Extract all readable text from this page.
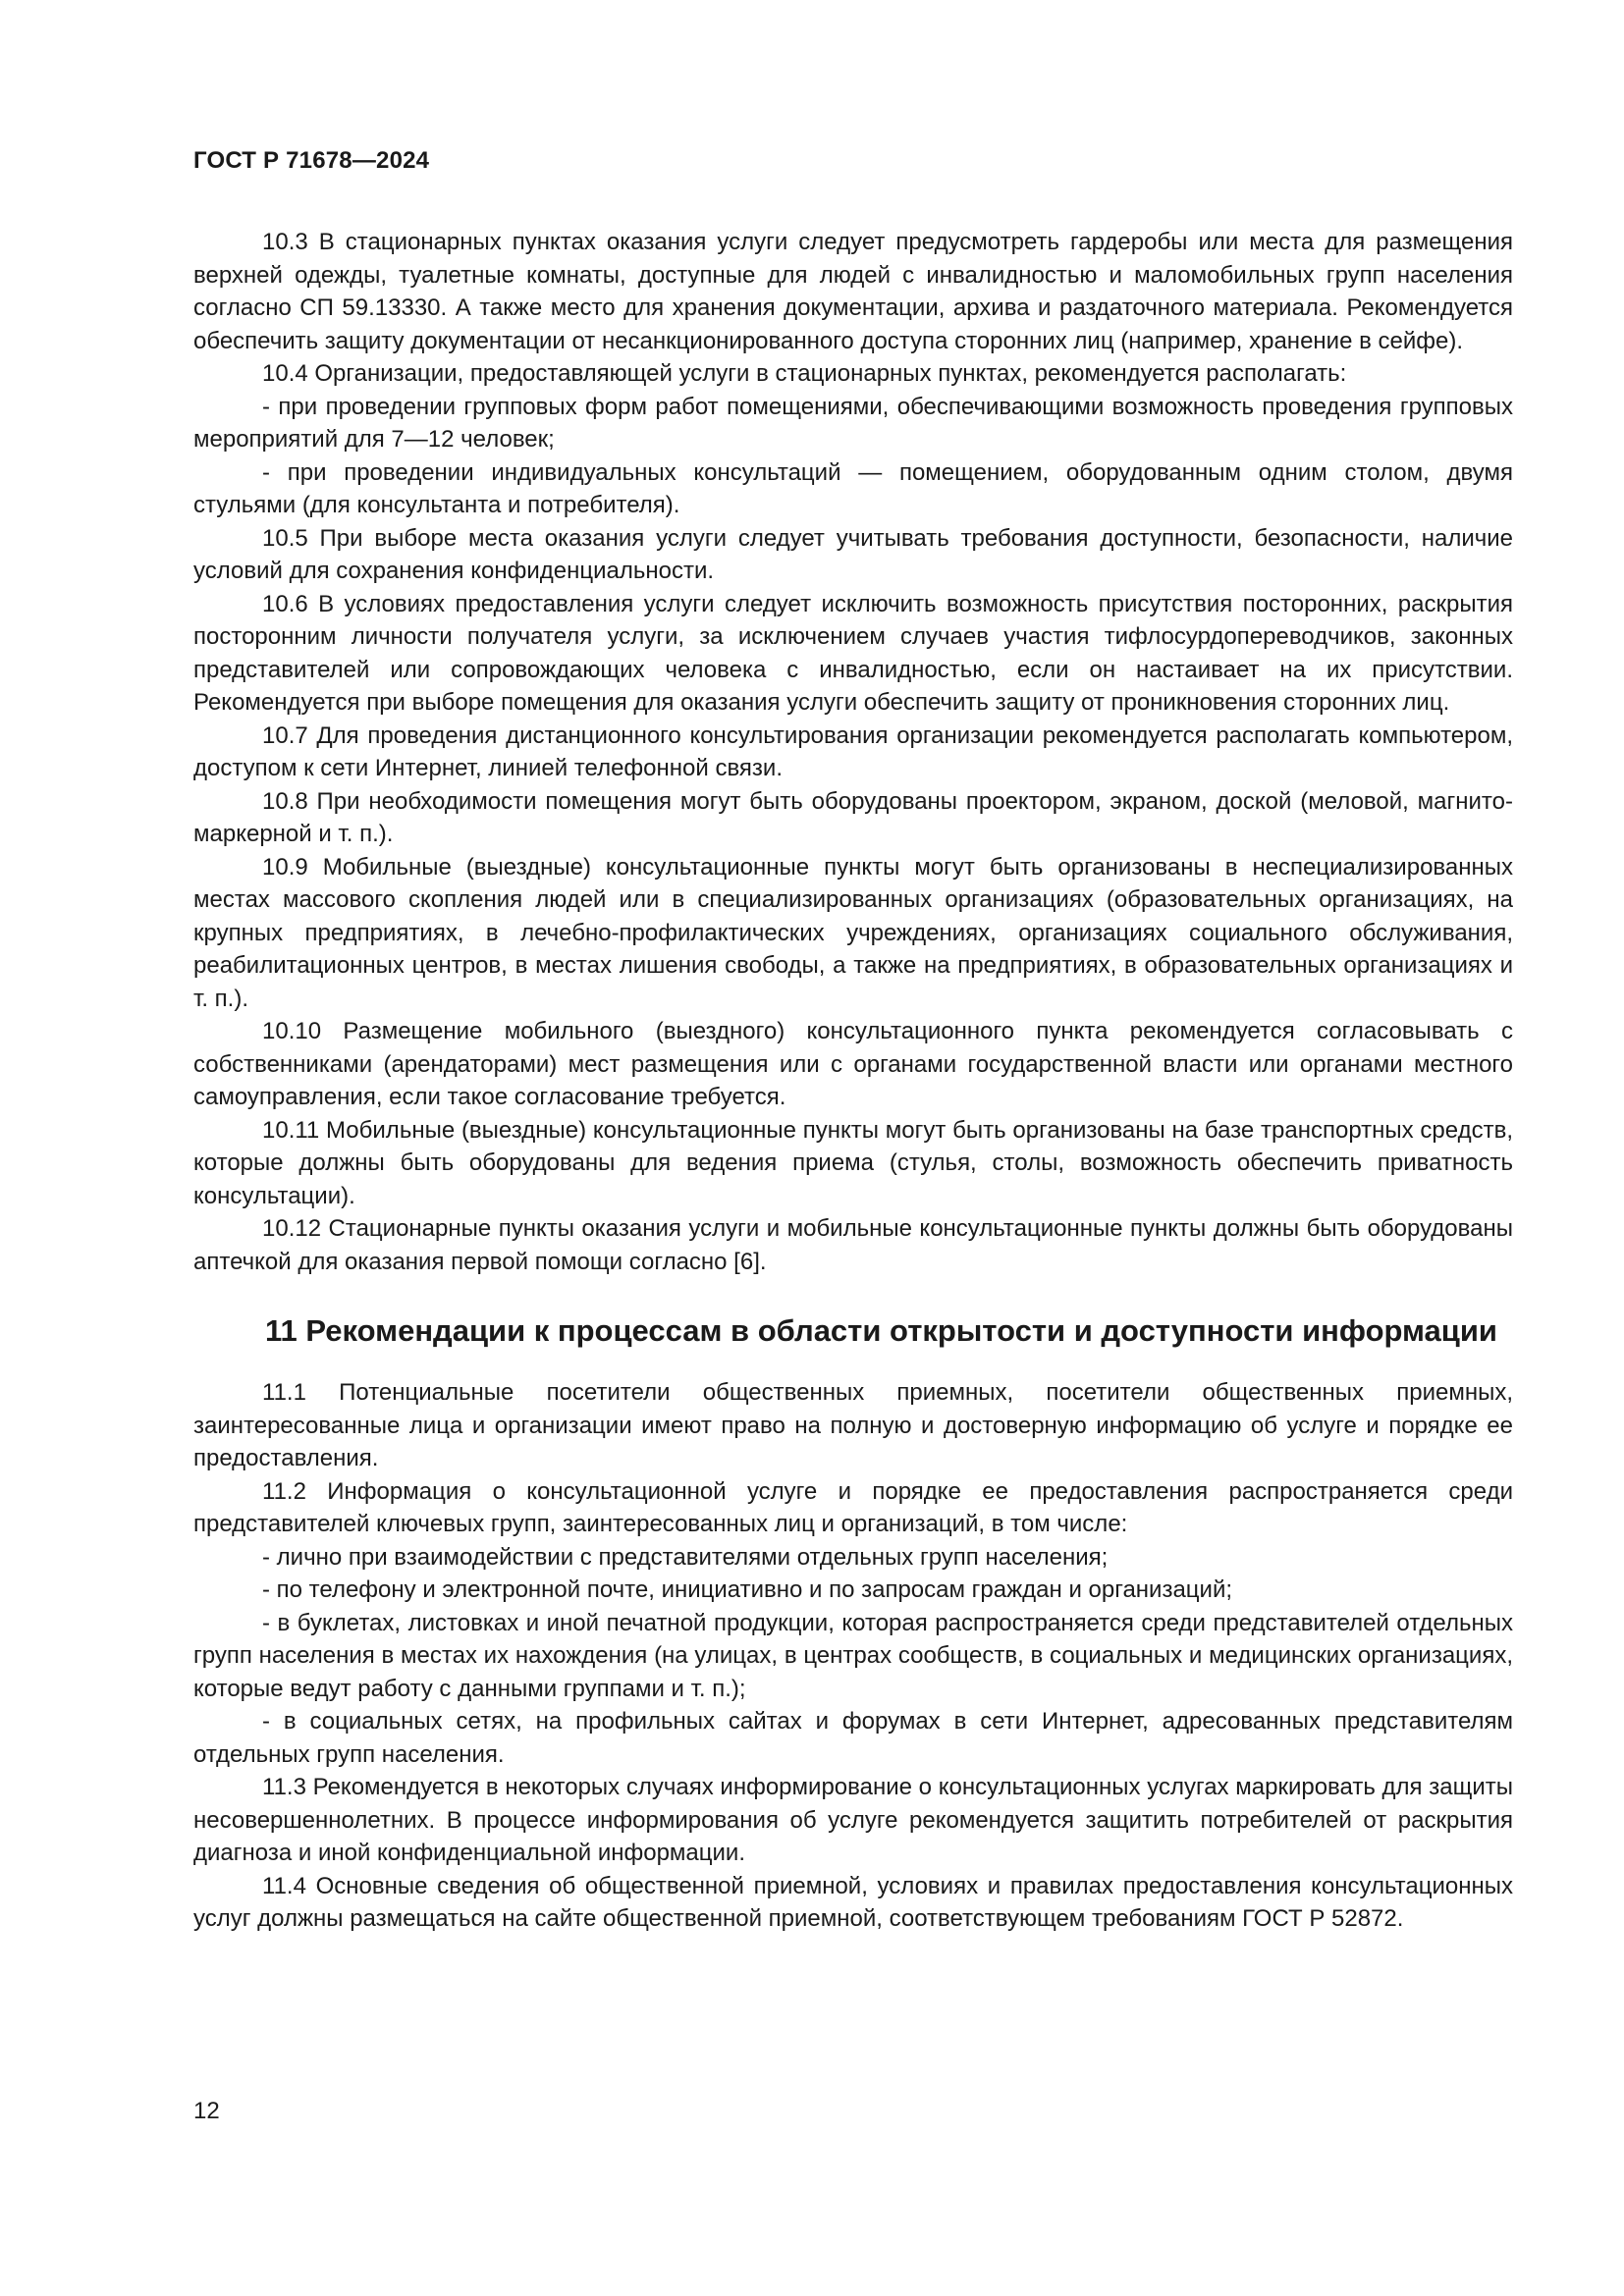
ГОСТ Р 71678—2024

10.3 В стационарных пунктах оказания услуги следует предусмотреть гардеробы или места для размещения верхней одежды, туалетные комнаты, доступные для людей с инвалидностью и маломобильных групп населения согласно СП 59.13330. А также место для хранения документации, архива и раздаточного материала. Рекомендуется обеспечить защиту документации от несанкционированного доступа сторонних лиц (например, хранение в сейфе).

10.4 Организации, предоставляющей услуги в стационарных пунктах, рекомендуется располагать:

- при проведении групповых форм работ помещениями, обеспечивающими возможность проведения групповых мероприятий для 7—12 человек;

- при проведении индивидуальных консультаций — помещением, оборудованным одним столом, двумя стульями (для консультанта и потребителя).

10.5 При выборе места оказания услуги следует учитывать требования доступности, безопасности, наличие условий для сохранения конфиденциальности.

10.6 В условиях предоставления услуги следует исключить возможность присутствия посторонних, раскрытия посторонним личности получателя услуги, за исключением случаев участия тифлосурдопереводчиков, законных представителей или сопровождающих человека с инвалидностью, если он настаивает на их присутствии. Рекомендуется при выборе помещения для оказания услуги обеспечить защиту от проникновения сторонних лиц.

10.7 Для проведения дистанционного консультирования организации рекомендуется располагать компьютером, доступом к сети Интернет, линией телефонной связи.

10.8 При необходимости помещения могут быть оборудованы проектором, экраном, доской (меловой, магнито-маркерной и т. п.).

10.9 Мобильные (выездные) консультационные пункты могут быть организованы в неспециализированных местах массового скопления людей или в специализированных организациях (образовательных организациях, на крупных предприятиях, в лечебно-профилактических учреждениях, организациях социального обслуживания, реабилитационных центров, в местах лишения свободы, а также на предприятиях, в образовательных организациях и т. п.).

10.10 Размещение мобильного (выездного) консультационного пункта рекомендуется согласовывать с собственниками (арендаторами) мест размещения или с органами государственной власти или органами местного самоуправления, если такое согласование требуется.

10.11 Мобильные (выездные) консультационные пункты могут быть организованы на базе транспортных средств, которые должны быть оборудованы для ведения приема (стулья, столы, возможность обеспечить приватность консультации).

10.12 Стационарные пункты оказания услуги и мобильные консультационные пункты должны быть оборудованы аптечкой для оказания первой помощи согласно [6].

11 Рекомендации к процессам в области открытости и доступности информации

11.1 Потенциальные посетители общественных приемных, посетители общественных приемных, заинтересованные лица и организации имеют право на полную и достоверную информацию об услуге и порядке ее предоставления.

11.2 Информация о консультационной услуге и порядке ее предоставления распространяется среди представителей ключевых групп, заинтересованных лиц и организаций, в том числе:

- лично при взаимодействии с представителями отдельных групп населения;

- по телефону и электронной почте, инициативно и по запросам граждан и организаций;

- в буклетах, листовках и иной печатной продукции, которая распространяется среди представителей отдельных групп населения в местах их нахождения (на улицах, в центрах сообществ, в социальных и медицинских организациях, которые ведут работу с данными группами и т. п.);

- в социальных сетях, на профильных сайтах и форумах в сети Интернет, адресованных представителям отдельных групп населения.

11.3 Рекомендуется в некоторых случаях информирование о консультационных услугах маркировать для защиты несовершеннолетних. В процессе информирования об услуге рекомендуется защитить потребителей от раскрытия диагноза и иной конфиденциальной информации.

11.4 Основные сведения об общественной приемной, условиях и правилах предоставления консультационных услуг должны размещаться на сайте общественной приемной, соответствующем требованиям ГОСТ Р 52872.

12
